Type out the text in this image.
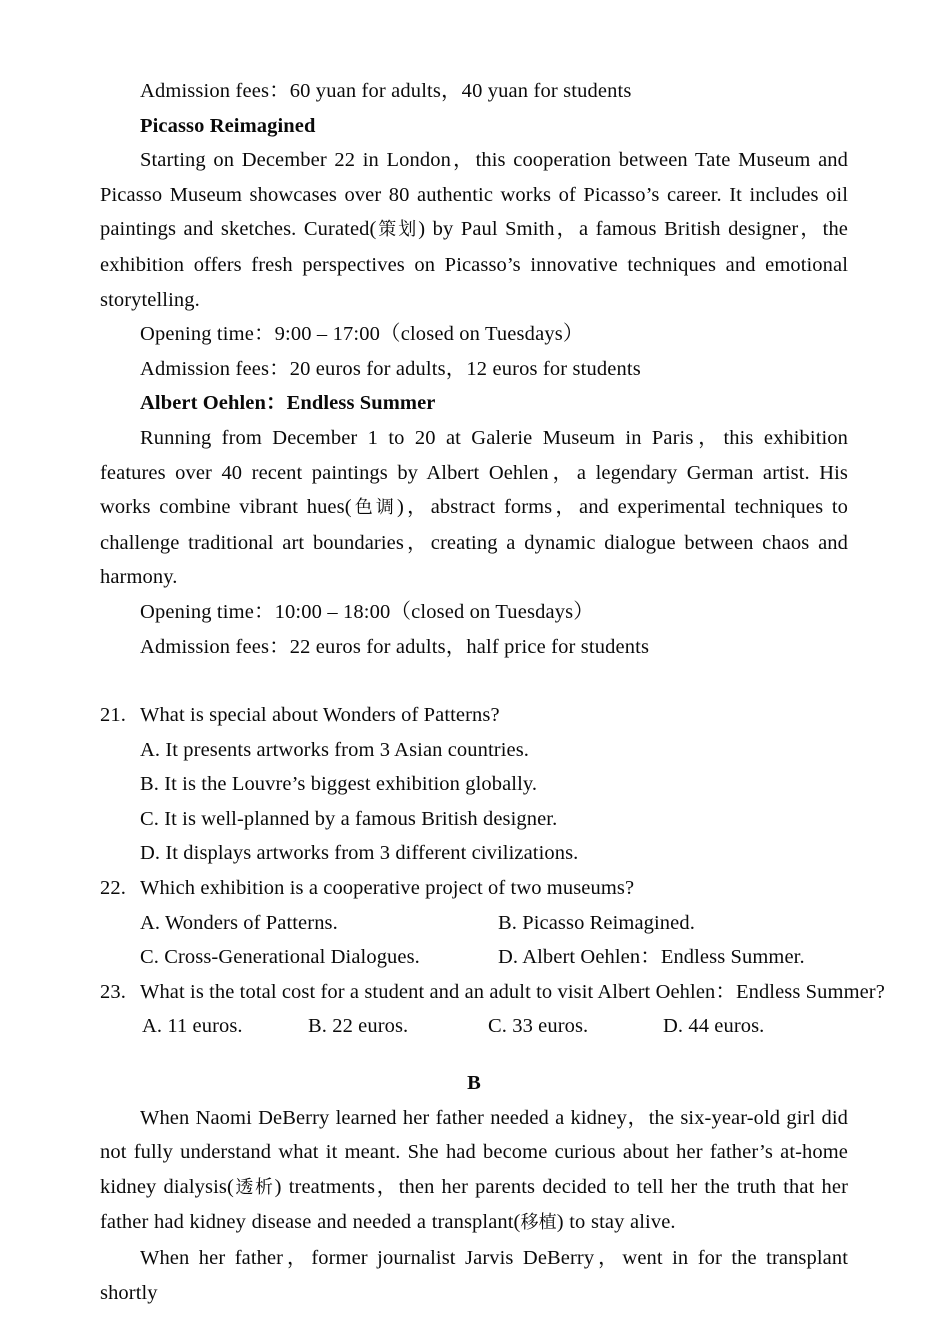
Admission fees：60 yuan for adults，40 yuan for students
Picasso Reimagined

Starting on December 22 in London，this cooperation between Tate Museum and Picasso Museum showcases over 80 authentic works of Picasso’s career. It includes oil paintings and sketches. Curated(策划) by Paul Smith，a famous British designer，the exhibition offers fresh perspectives on Picasso’s innovative techniques and emotional storytelling.

Opening time：9:00 – 17:00（closed on Tuesdays）
Admission fees：20 euros for adults，12 euros for students
Albert Oehlen：Endless Summer

Running from December 1 to 20 at Galerie Museum in Paris，this exhibition features over 40 recent paintings by Albert Oehlen，a legendary German artist. His works combine vibrant hues(色调)，abstract forms，and experimental techniques to challenge traditional art boundaries，creating a dynamic dialogue between chaos and harmony.

Opening time：10:00 – 18:00（closed on Tuesdays）
Admission fees：22 euros for adults，half price for students
21. What is special about Wonders of Patterns?
A. It presents artworks from 3 Asian countries.
B. It is the Louvre’s biggest exhibition globally.
C. It is well-planned by a famous British designer.
D. It displays artworks from 3 different civilizations.
22. Which exhibition is a cooperative project of two museums?
A. Wonders of Patterns.	B. Picasso Reimagined.
C. Cross-Generational Dialogues.	D. Albert Oehlen：Endless Summer.
23. What is the total cost for a student and an adult to visit Albert Oehlen：Endless Summer?
A. 11 euros.	B. 22 euros.	C. 33 euros.	D. 44 euros.
B

When Naomi DeBerry learned her father needed a kidney，the six-year-old girl did not fully understand what it meant. She had become curious about her father’s at-home kidney dialysis(透析) treatments，then her parents decided to tell her the truth that her father had kidney disease and needed a transplant(移植) to stay alive.

When her father，former journalist Jarvis DeBerry，went in for the transplant shortly
